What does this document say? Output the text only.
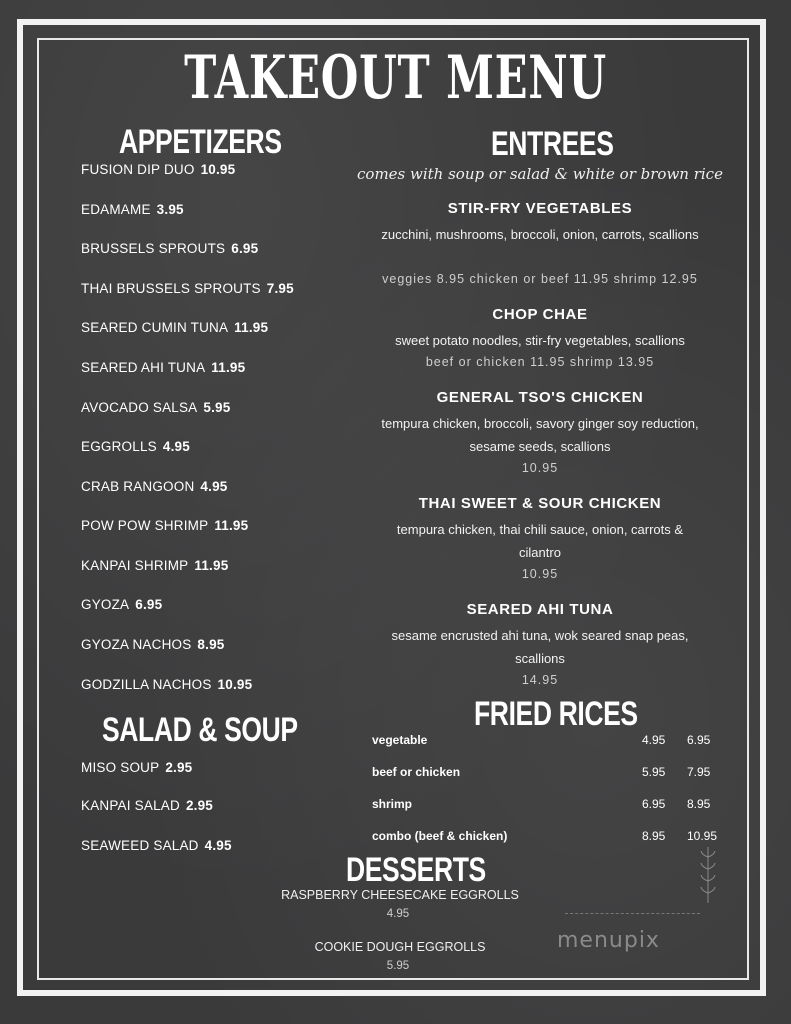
TAKEOUT MENU
APPETIZERS
FUSION DIP DUO 10.95
EDAMAME 3.95
BRUSSELS SPROUTS 6.95
THAI BRUSSELS SPROUTS 7.95
SEARED CUMIN TUNA 11.95
SEARED AHI TUNA 11.95
AVOCADO SALSA 5.95
EGGROLLS 4.95
CRAB RANGOON 4.95
POW POW SHRIMP 11.95
KANPAI SHRIMP 11.95
GYOZA 6.95
GYOZA NACHOS 8.95
GODZILLA NACHOS 10.95
SALAD & SOUP
MISO SOUP 2.95
KANPAI SALAD 2.95
SEAWEED SALAD 4.95
ENTREES
comes with soup or salad & white or brown rice
STIR-FRY VEGETABLES
zucchini, mushrooms, broccoli, onion, carrots, scallions
veggies 8.95 chicken or beef 11.95 shrimp 12.95
CHOP CHAE
sweet potato noodles, stir-fry vegetables, scallions
beef or chicken 11.95 shrimp 13.95
GENERAL TSO'S CHICKEN
tempura chicken, broccoli, savory ginger soy reduction, sesame seeds, scallions
10.95
THAI SWEET & SOUR CHICKEN
tempura chicken, thai chili sauce, onion, carrots & cilantro
10.95
SEARED AHI TUNA
sesame encrusted ahi tuna, wok seared snap peas, scallions
14.95
FRIED RICES
vegetable	4.95 6.95
beef or chicken	5.95 7.95
shrimp	6.95 8.95
combo (beef & chicken)	8.95 10.95
DESSERTS
RASPBERRY CHEESECAKE EGGROLLS
4.95
COOKIE DOUGH EGGROLLS
5.95
menupix
